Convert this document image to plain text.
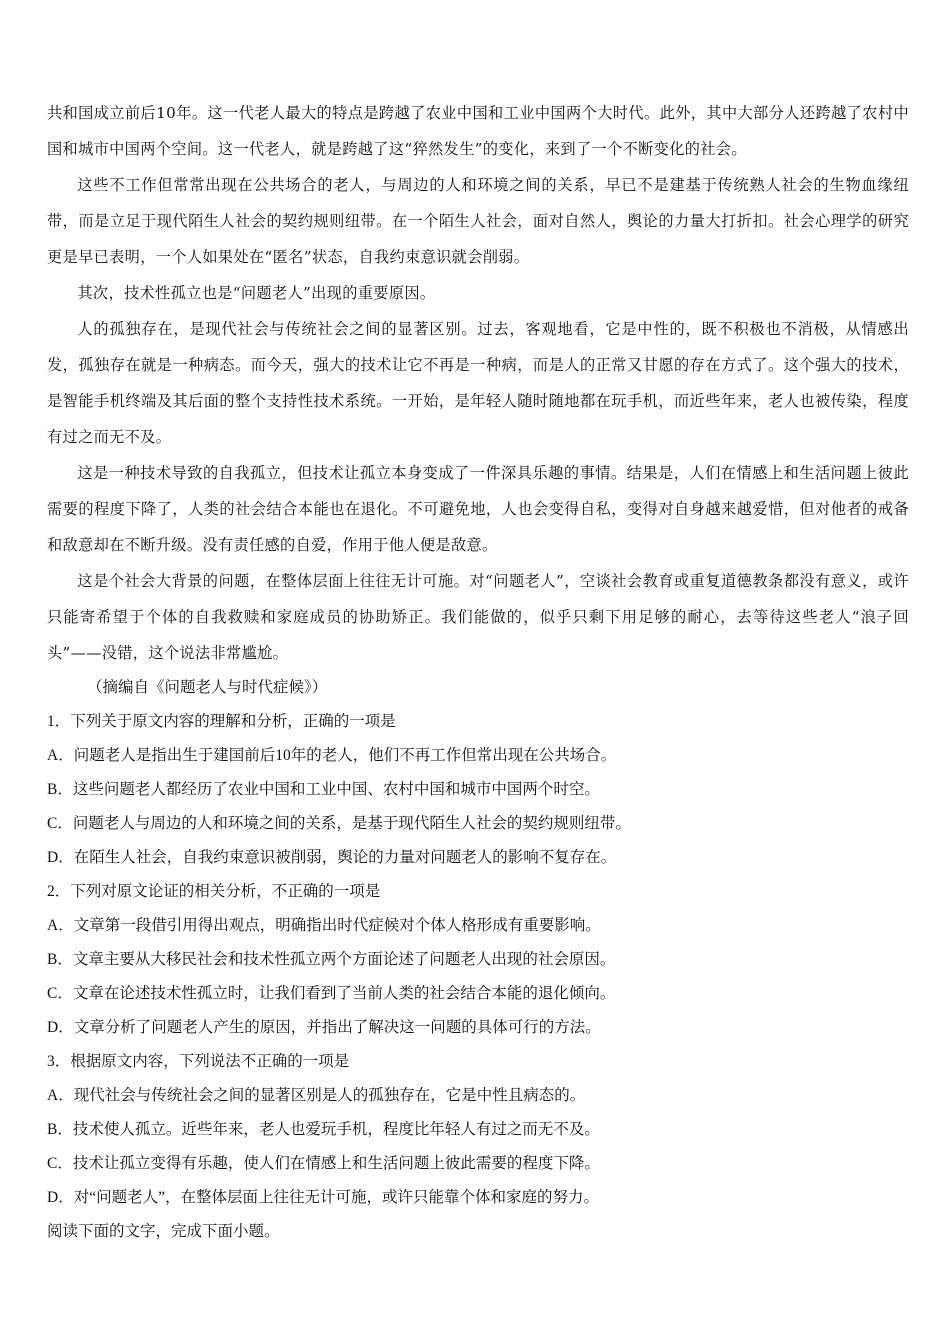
共和国成立前后10年。这一代老人最大的特点是跨越了农业中国和工业中国两个大时代。此外，其中大部分人还跨越了农村中国和城市中国两个空间。这一代老人，就是跨越了这“猝然发生”的变化，来到了一个不断变化的社会。

这些不工作但常常出现在公共场合的老人，与周边的人和环境之间的关系，早已不是建基于传统熟人社会的生物血缘纽带，而是立足于现代陌生人社会的契约规则纽带。在一个陌生人社会，面对自然人，舆论的力量大打折扣。社会心理学的研究更是早已表明，一个人如果处在“匿名”状态，自我约束意识就会削弱。

其次，技术性孤立也是“问题老人”出现的重要原因。

人的孤独存在，是现代社会与传统社会之间的显著区别。过去，客观地看，它是中性的，既不积极也不消极，从情感出发，孤独存在就是一种病态。而今天，强大的技术让它不再是一种病，而是人的正常又甘愿的存在方式了。这个强大的技术，是智能手机终端及其后面的整个支持性技术系统。一开始，是年轻人随时随地都在玩手机，而近些年来，老人也被传染，程度有过之而无不及。

这是一种技术导致的自我孤立，但技术让孤立本身变成了一件深具乐趣的事情。结果是，人们在情感上和生活问题上彼此需要的程度下降了，人类的社会结合本能也在退化。不可避免地，人也会变得自私，变得对自身越来越爱惜，但对他者的戒备和敌意却在不断升级。没有责任感的自爱，作用于他人便是敌意。

这是个社会大背景的问题，在整体层面上往往无计可施。对“问题老人”，空谈社会教育或重复道德教条都没有意义，或许只能寄希望于个体的自我救赎和家庭成员的协助矫正。我们能做的，似乎只剩下用足够的耐心，去等待这些老人“浪子回头”——没错，这个说法非常尴尬。

（摘编自《问题老人与时代症候》）

1．下列关于原文内容的理解和分析，正确的一项是

A．问题老人是指出生于建国前后10年的老人，他们不再工作但常出现在公共场合。

B．这些问题老人都经历了农业中国和工业中国、农村中国和城市中国两个时空。

C．问题老人与周边的人和环境之间的关系，是基于现代陌生人社会的契约规则纽带。

D．在陌生人社会，自我约束意识被削弱，舆论的力量对问题老人的影响不复存在。

2．下列对原文论证的相关分析，不正确的一项是

A．文章第一段借引用得出观点，明确指出时代症候对个体人格形成有重要影响。

B．文章主要从大移民社会和技术性孤立两个方面论述了问题老人出现的社会原因。

C．文章在论述技术性孤立时，让我们看到了当前人类的社会结合本能的退化倾向。

D．文章分析了问题老人产生的原因，并指出了解决这一问题的具体可行的方法。

3．根据原文内容，下列说法不正确的一项是

A．现代社会与传统社会之间的显著区别是人的孤独存在，它是中性且病态的。

B．技术使人孤立。近些年来，老人也爱玩手机，程度比年轻人有过之而无不及。

C．技术让孤立变得有乐趣，使人们在情感上和生活问题上彼此需要的程度下降。

D．对“问题老人”，在整体层面上往往无计可施，或许只能靠个体和家庭的努力。

阅读下面的文字，完成下面小题。
